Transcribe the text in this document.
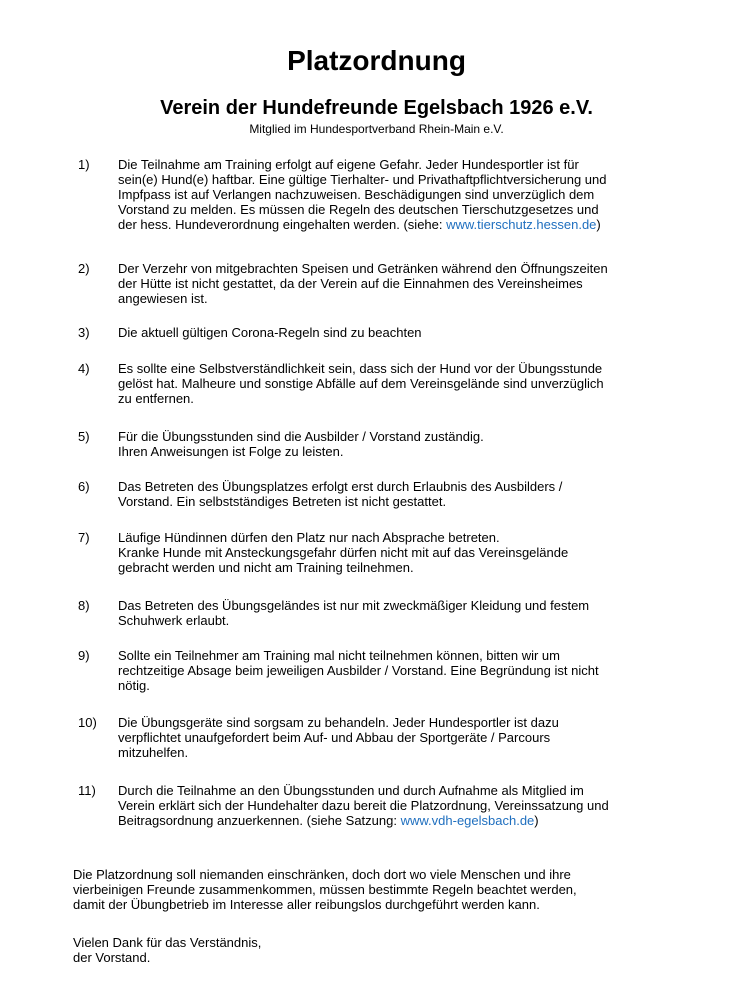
Platzordnung
Verein der Hundefreunde Egelsbach 1926 e.V.
Mitglied im Hundesportverband Rhein-Main e.V.
1) Die Teilnahme am Training erfolgt auf eigene Gefahr. Jeder Hundesportler ist für
sein(e) Hund(e) haftbar. Eine gültige Tierhalter- und Privathaftpflichtversicherung und
Impfpass ist auf Verlangen nachzuweisen. Beschädigungen sind unverzüglich dem
Vorstand zu melden. Es müssen die Regeln des deutschen Tierschutzgesetzes und
der hess. Hundeverordnung eingehalten werden. (siehe: www.tierschutz.hessen.de)
2) Der Verzehr von mitgebrachten Speisen und Getränken während den Öffnungszeiten
der Hütte ist nicht gestattet, da der Verein auf die Einnahmen des Vereinsheimes
angewiesen ist.
3) Die aktuell gültigen Corona-Regeln sind zu beachten
4) Es sollte eine Selbstverständlichkeit sein, dass sich der Hund vor der Übungsstunde
gelöst hat. Malheure und sonstige Abfälle auf dem Vereinsgelände sind unverzüglich
zu entfernen.
5) Für die Übungsstunden sind die Ausbilder / Vorstand zuständig.
Ihren Anweisungen ist Folge zu leisten.
6) Das Betreten des Übungsplatzes erfolgt erst durch Erlaubnis des Ausbilders /
Vorstand. Ein selbstständiges Betreten ist nicht gestattet.
7) Läufige Hündinnen dürfen den Platz nur nach Absprache betreten.
Kranke Hunde mit Ansteckungsgefahr dürfen nicht mit auf das Vereinsgelände
gebracht werden und nicht am Training teilnehmen.
8) Das Betreten des Übungsgeländes ist nur mit zweckmäßiger Kleidung und festem
Schuhwerk erlaubt.
9) Sollte ein Teilnehmer am Training mal nicht teilnehmen können, bitten wir um
rechtzeitige Absage beim jeweiligen Ausbilder / Vorstand. Eine Begründung ist nicht
nötig.
10) Die Übungsgeräte sind sorgsam zu behandeln. Jeder Hundesportler ist dazu
verpflichtet unaufgefordert beim Auf- und Abbau der Sportgeräte / Parcours
mitzuhelfen.
11) Durch die Teilnahme an den Übungsstunden und durch Aufnahme als Mitglied im
Verein erklärt sich der Hundehalter dazu bereit die Platzordnung, Vereinssatzung und
Beitragsordnung anzuerkennen. (siehe Satzung: www.vdh-egelsbach.de)
Die Platzordnung soll niemanden einschränken, doch dort wo viele Menschen und ihre
vierbeinigen Freunde zusammenkommen, müssen bestimmte Regeln beachtet werden,
damit der Übungbetrieb im Interesse aller reibungslos durchgeführt werden kann.
Vielen Dank für das Verständnis,
der Vorstand.
